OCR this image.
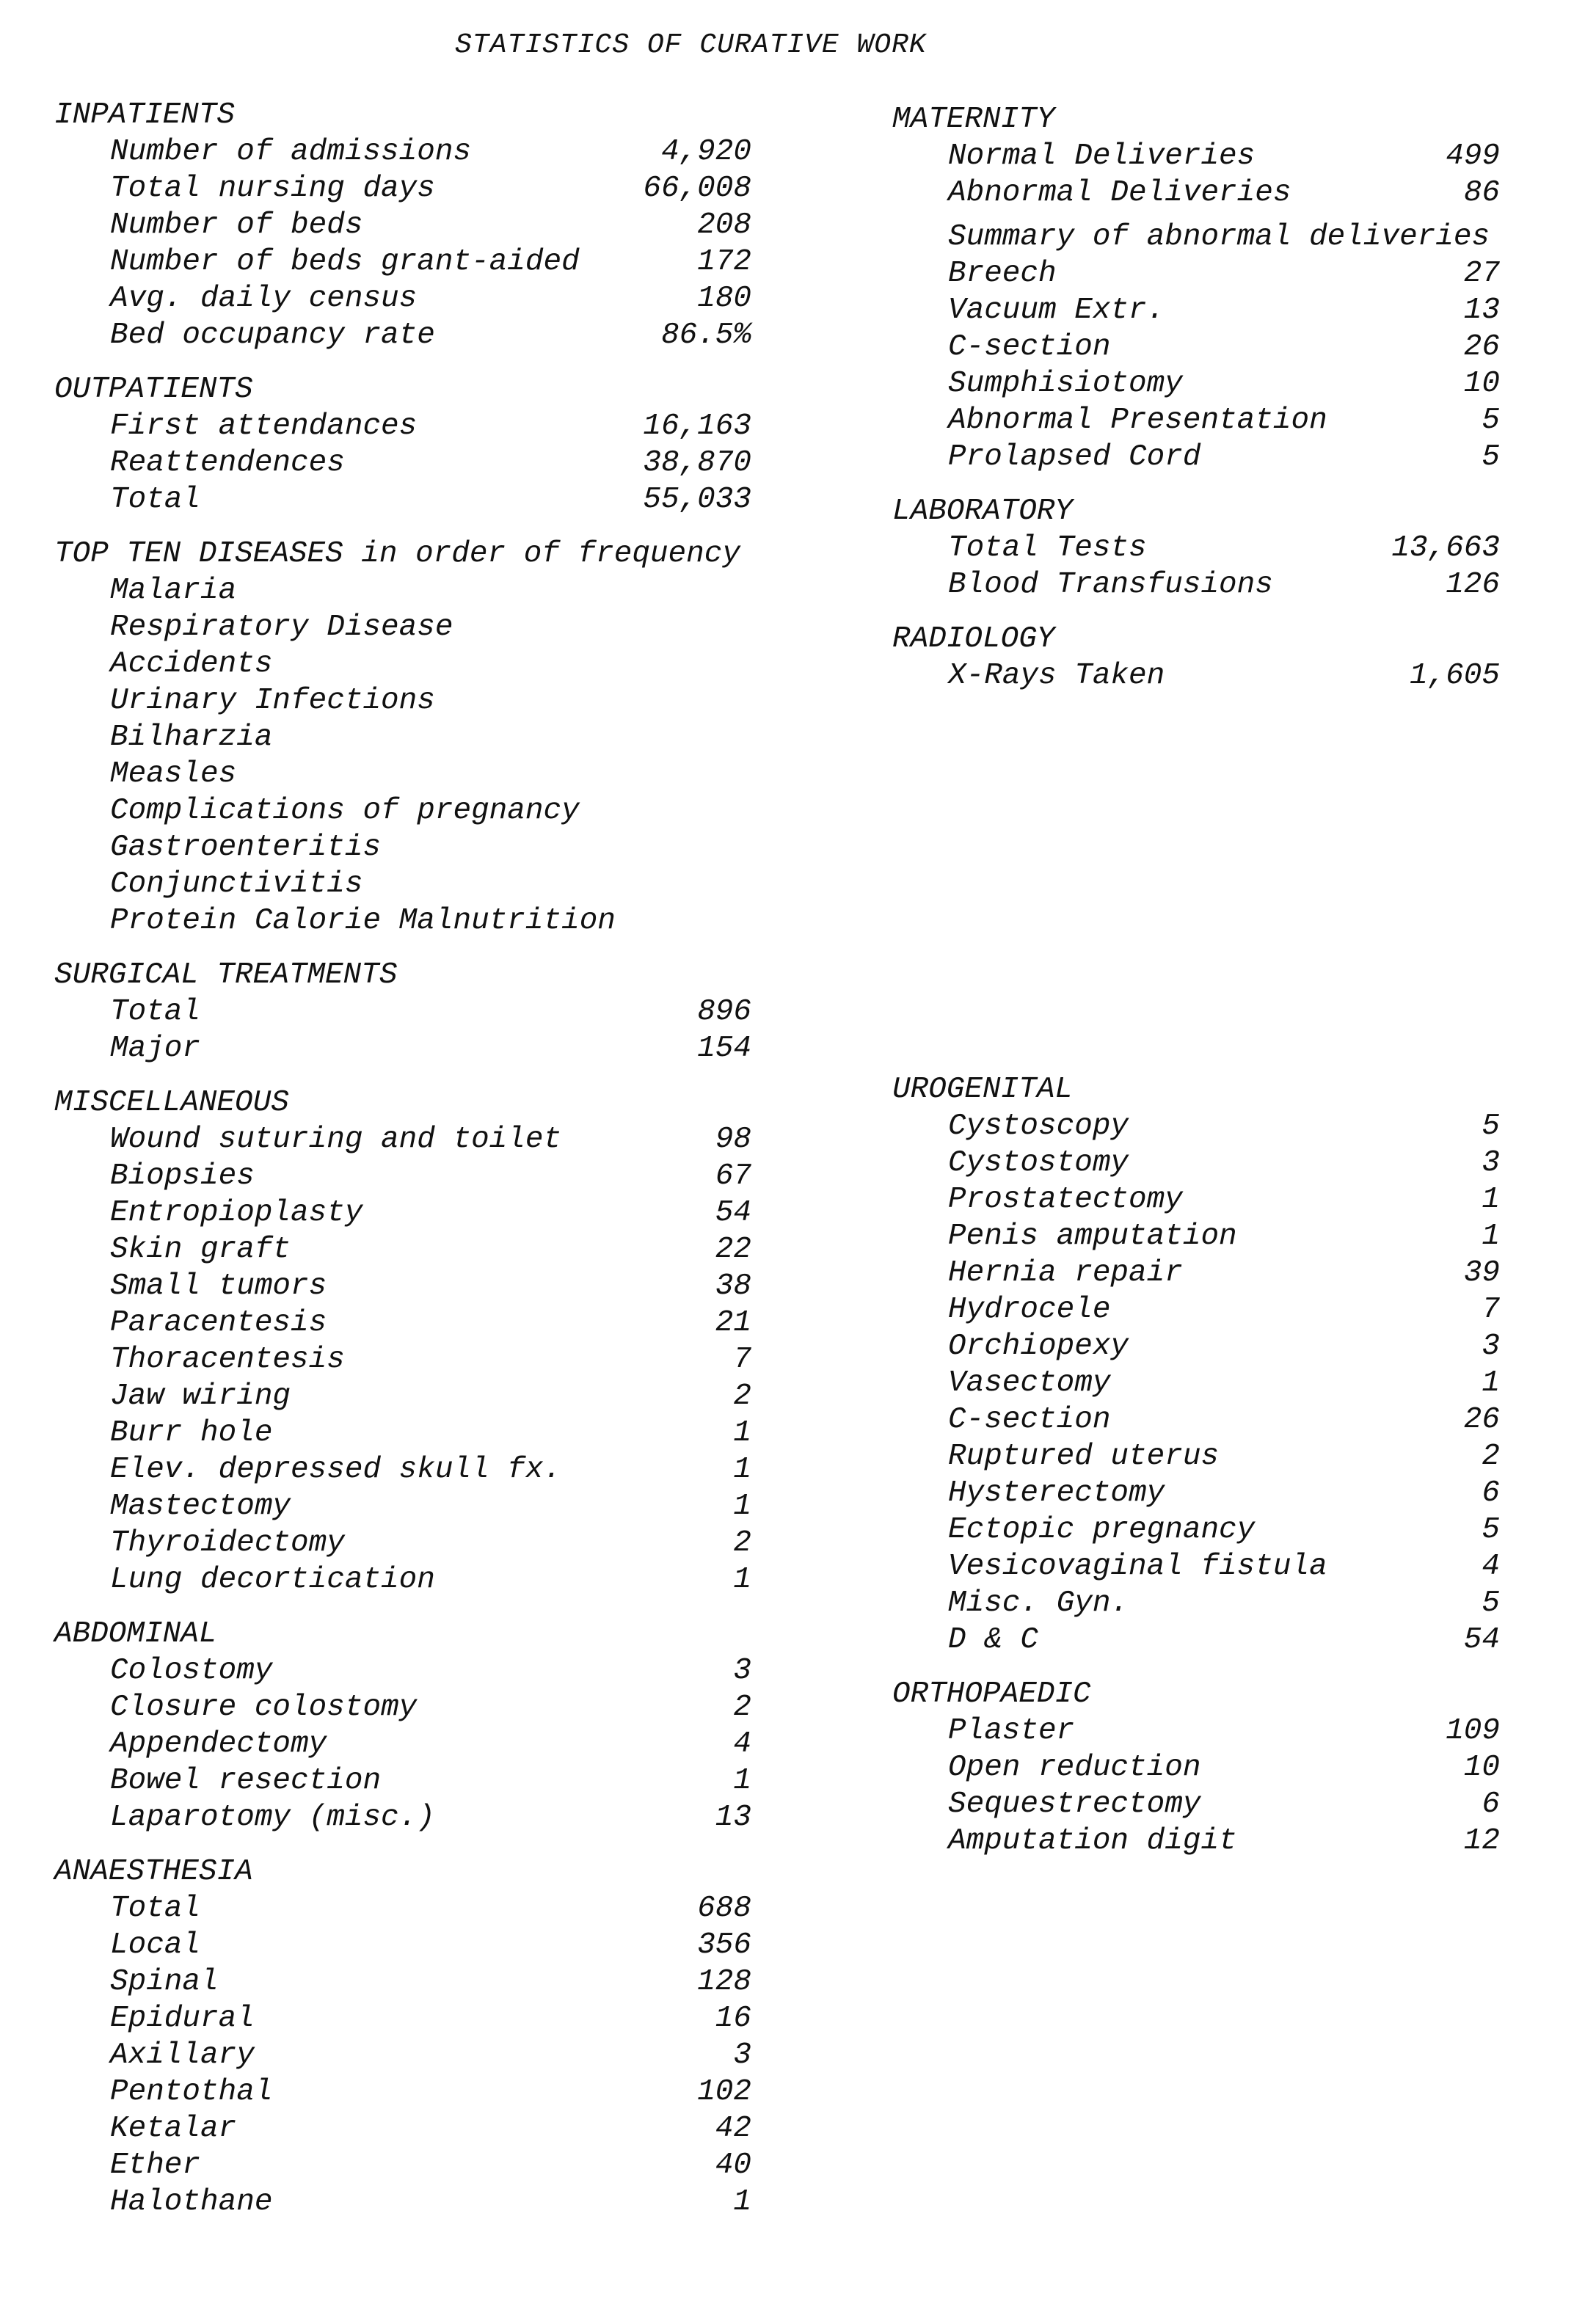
STATISTICS OF CURATIVE WORK
INPATIENTS
Number of admissions	4,920
Total nursing days	66,008
Number of beds	208
Number of beds grant-aided	172
Avg. daily census	180
Bed occupancy rate	86.5%
OUTPATIENTS
First attendances	16,163
Reattendences	38,870
Total	55,033
TOP TEN DISEASES in order of frequency
Malaria
Respiratory Disease
Accidents
Urinary Infections
Bilharzia
Measles
Complications of pregnancy
Gastroenteritis
Conjunctivitis
Protein Calorie Malnutrition
SURGICAL TREATMENTS
Total	896
Major	154
MISCELLANEOUS
Wound suturing and toilet	98
Biopsies	67
Entropioplasty	54
Skin graft	22
Small tumors	38
Paracentesis	21
Thoracentesis	7
Jaw wiring	2
Burr hole	1
Elev. depressed skull fx.	1
Mastectomy	1
Thyroidectomy	2
Lung decortication	1
ABDOMINAL
Colostomy	3
Closure colostomy	2
Appendectomy	4
Bowel resection	1
Laparotomy (misc.)	13
ANAESTHESIA
Total	688
Local	356
Spinal	128
Epidural	16
Axillary	3
Pentothal	102
Ketalar	42
Ether	40
Halothane	1
MATERNITY
Normal Deliveries	499
Abnormal Deliveries	86
Summary of abnormal deliveries
Breech	27
Vacuum Extr.	13
C-section	26
Sumphisiotomy	10
Abnormal Presentation	5
Prolapsed Cord	5
LABORATORY
Total Tests	13,663
Blood Transfusions	126
RADIOLOGY
X-Rays Taken	1,605
UROGENITAL
Cystoscopy	5
Cystostomy	3
Prostatectomy	1
Penis amputation	1
Hernia repair	39
Hydrocele	7
Orchiopexy	3
Vasectomy	1
C-section	26
Ruptured uterus	2
Hysterectomy	6
Ectopic pregnancy	5
Vesicovaginal fistula	4
Misc. Gyn.	5
D & C	54
ORTHOPAEDIC
Plaster	109
Open reduction	10
Sequestrectomy	6
Amputation digit	12
